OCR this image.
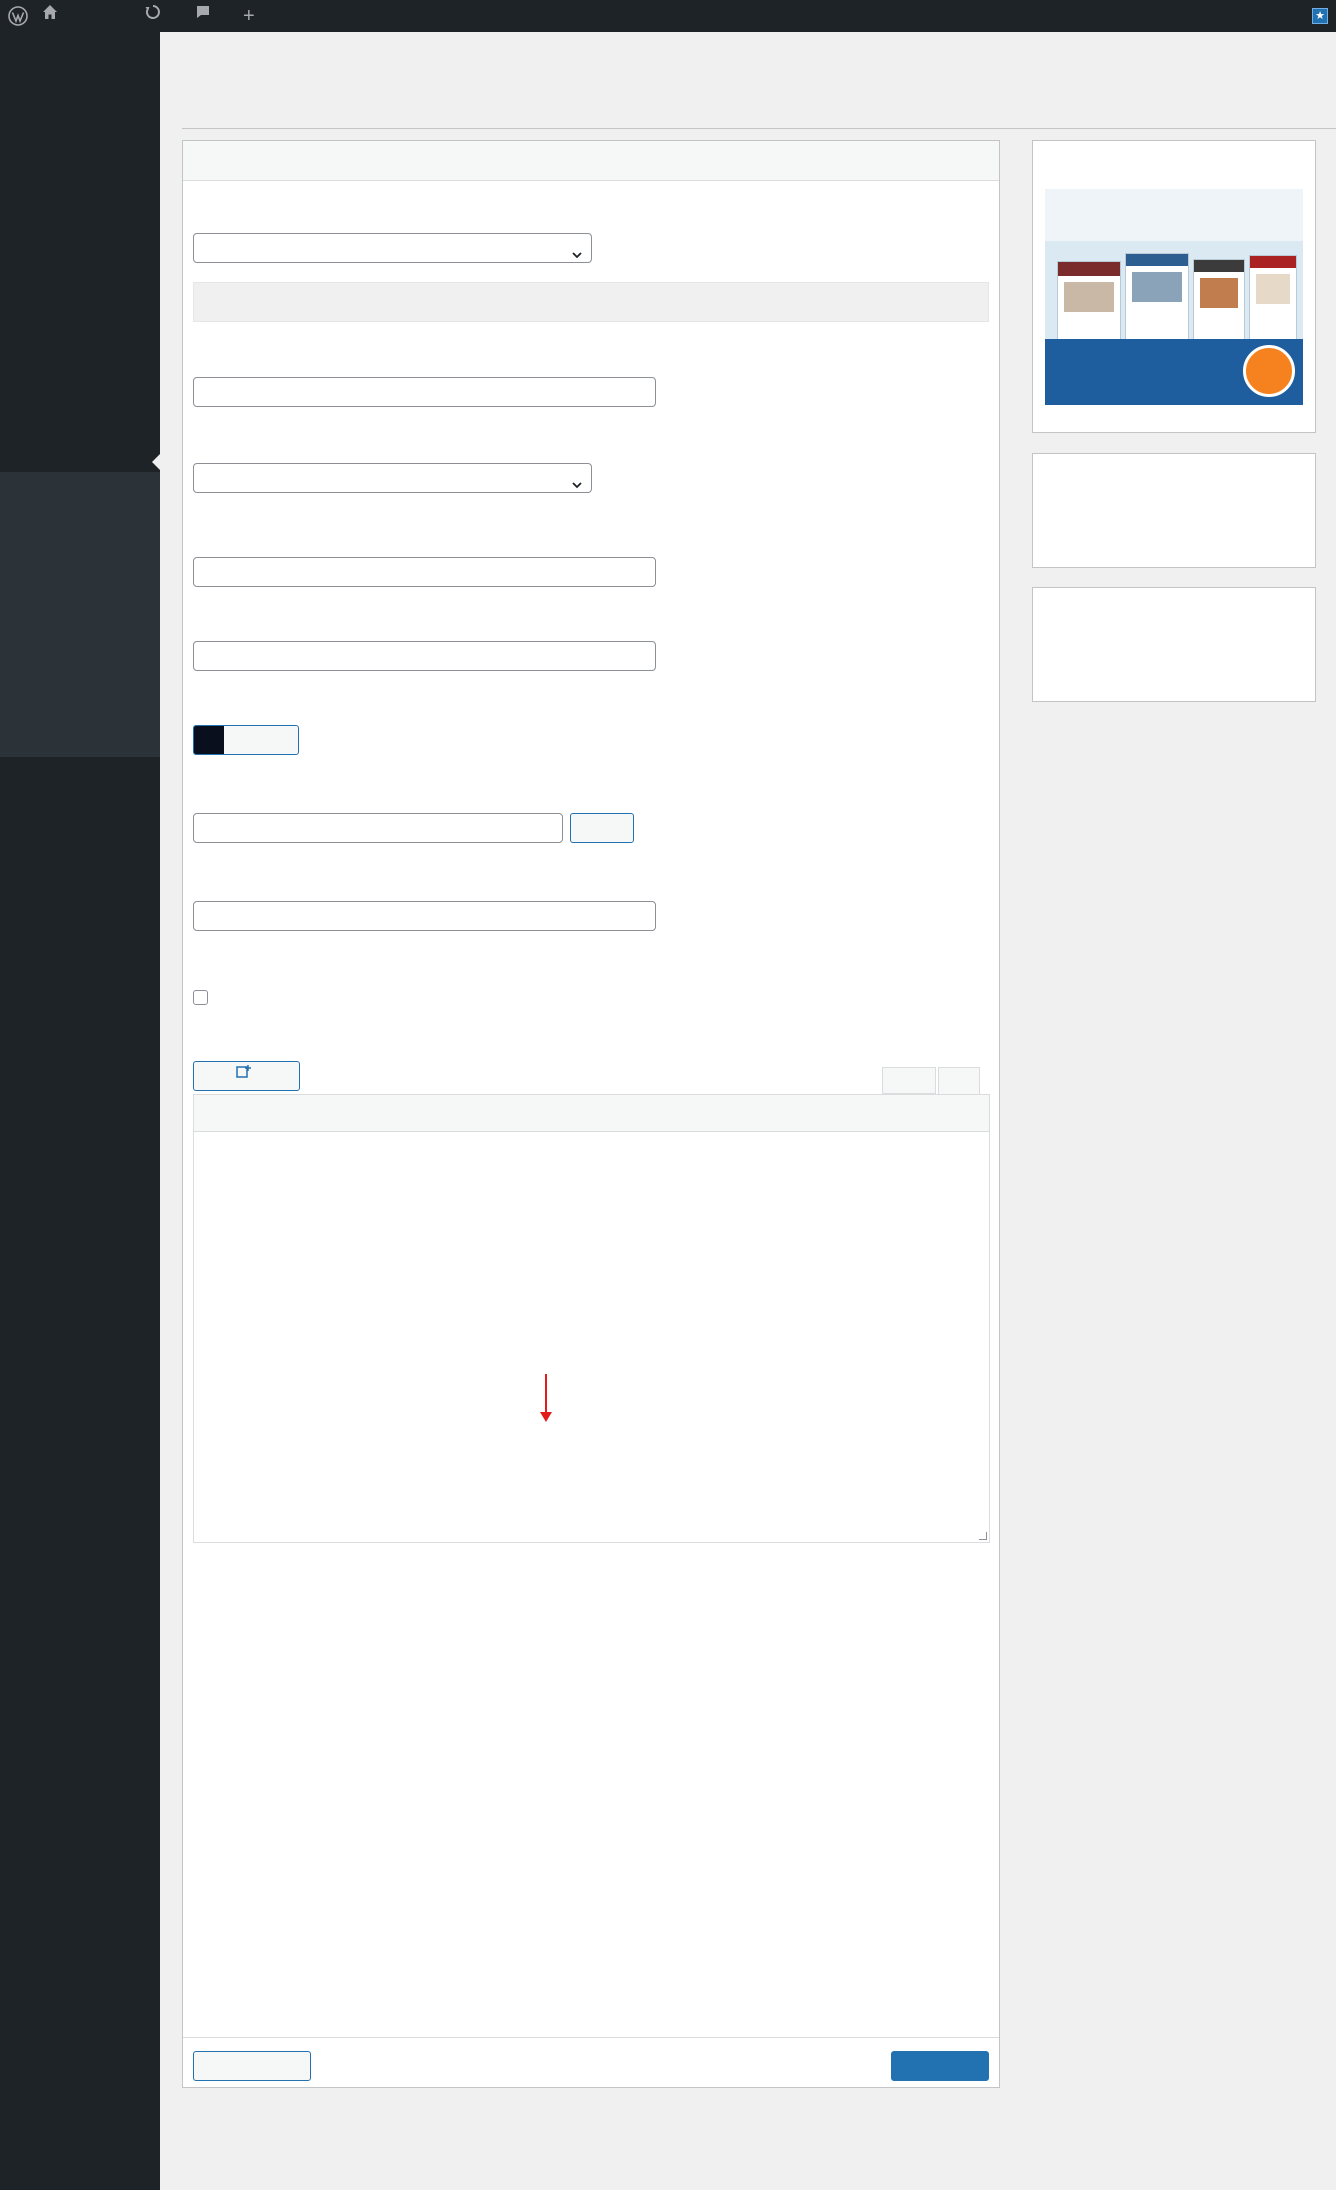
+	★
